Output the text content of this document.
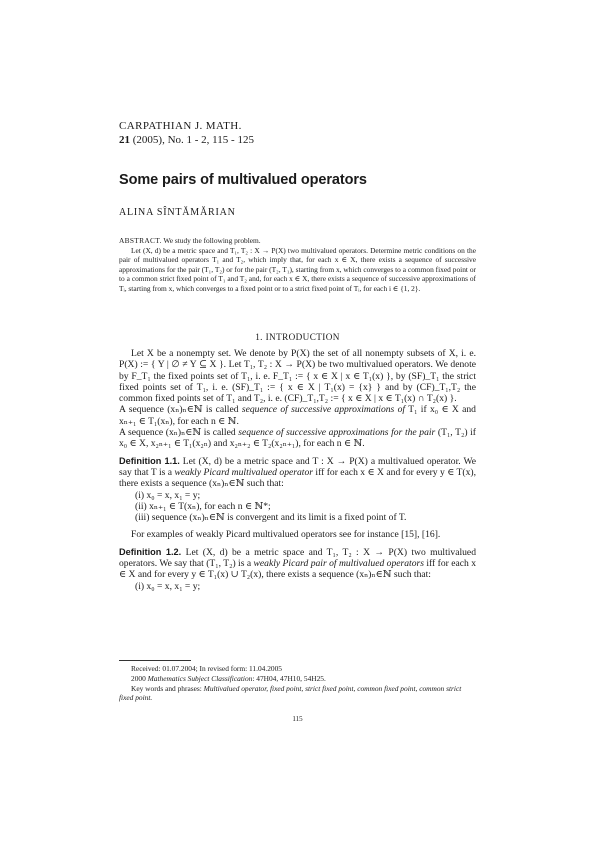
CARPATHIAN J. MATH.
21 (2005), No. 1 - 2, 115 - 125
Some pairs of multivalued operators
ALINA SÎNTĂMĂRIAN

ABSTRACT. We study the following problem.

Let (X, d) be a metric space and T₁, T₂ : X → P(X) two multivalued operators. Determine metric conditions on the pair of multivalued operators T₁ and T₂, which imply that, for each x ∈ X, there exists a sequence of successive approximations for the pair (T₁, T₂) or for the pair (T₂, T₁), starting from x, which converges to a common fixed point or to a common strict fixed point of T₁ and T₂ and, for each x ∈ X, there exists a sequence of successive approximations of Tᵢ, starting from x, which converges to a fixed point or to a strict fixed point of Tᵢ, for each i ∈ {1, 2}.

1. INTRODUCTION

Let X be a nonempty set. We denote by P(X) the set of all nonempty subsets of X, i. e. P(X) := { Y | ∅ ≠ Y ⊆ X }. Let T₁, T₂ : X → P(X) be two multivalued operators. We denote by F_T₁ the fixed points set of T₁, i. e. F_T₁ := { x ∈ X | x ∈ T₁(x) }, by (SF)_T₁ the strict fixed points set of T₁, i. e. (SF)_T₁ := { x ∈ X | T₁(x) = {x} } and by (CF)_T₁,T₂ the common fixed points set of T₁ and T₂, i. e. (CF)_T₁,T₂ := { x ∈ X | x ∈ T₁(x) ∩ T₂(x) }.

A sequence (xₙ)ₙ∈ℕ is called sequence of successive approximations of T₁ if x₀ ∈ X and xₙ₊₁ ∈ T₁(xₙ), for each n ∈ ℕ.

A sequence (xₙ)ₙ∈ℕ is called sequence of successive approximations for the pair (T₁, T₂) if x₀ ∈ X, x₂ₙ₊₁ ∈ T₁(x₂ₙ) and x₂ₙ₊₂ ∈ T₂(x₂ₙ₊₁), for each n ∈ ℕ.

Definition 1.1. Let (X, d) be a metric space and T : X → P(X) a multivalued operator. We say that T is a weakly Picard multivalued operator iff for each x ∈ X and for every y ∈ T(x), there exists a sequence (xₙ)ₙ∈ℕ such that:

(i) x₀ = x, x₁ = y;

(ii) xₙ₊₁ ∈ T(xₙ), for each n ∈ ℕ*;

(iii) sequence (xₙ)ₙ∈ℕ is convergent and its limit is a fixed point of T.

For examples of weakly Picard multivalued operators see for instance [15], [16].

Definition 1.2. Let (X, d) be a metric space and T₁, T₂ : X → P(X) two multivalued operators. We say that (T₁, T₂) is a weakly Picard pair of multivalued operators iff for each x ∈ X and for every y ∈ T₁(x) ∪ T₂(x), there exists a sequence (xₙ)ₙ∈ℕ such that:

(i) x₀ = x, x₁ = y;

Received: 01.07.2004; In revised form: 11.04.2005

2000 Mathematics Subject Classification: 47H04, 47H10, 54H25.

Key words and phrases: Multivalued operator, fixed point, strict fixed point, common fixed point, common strict fixed point.

115
